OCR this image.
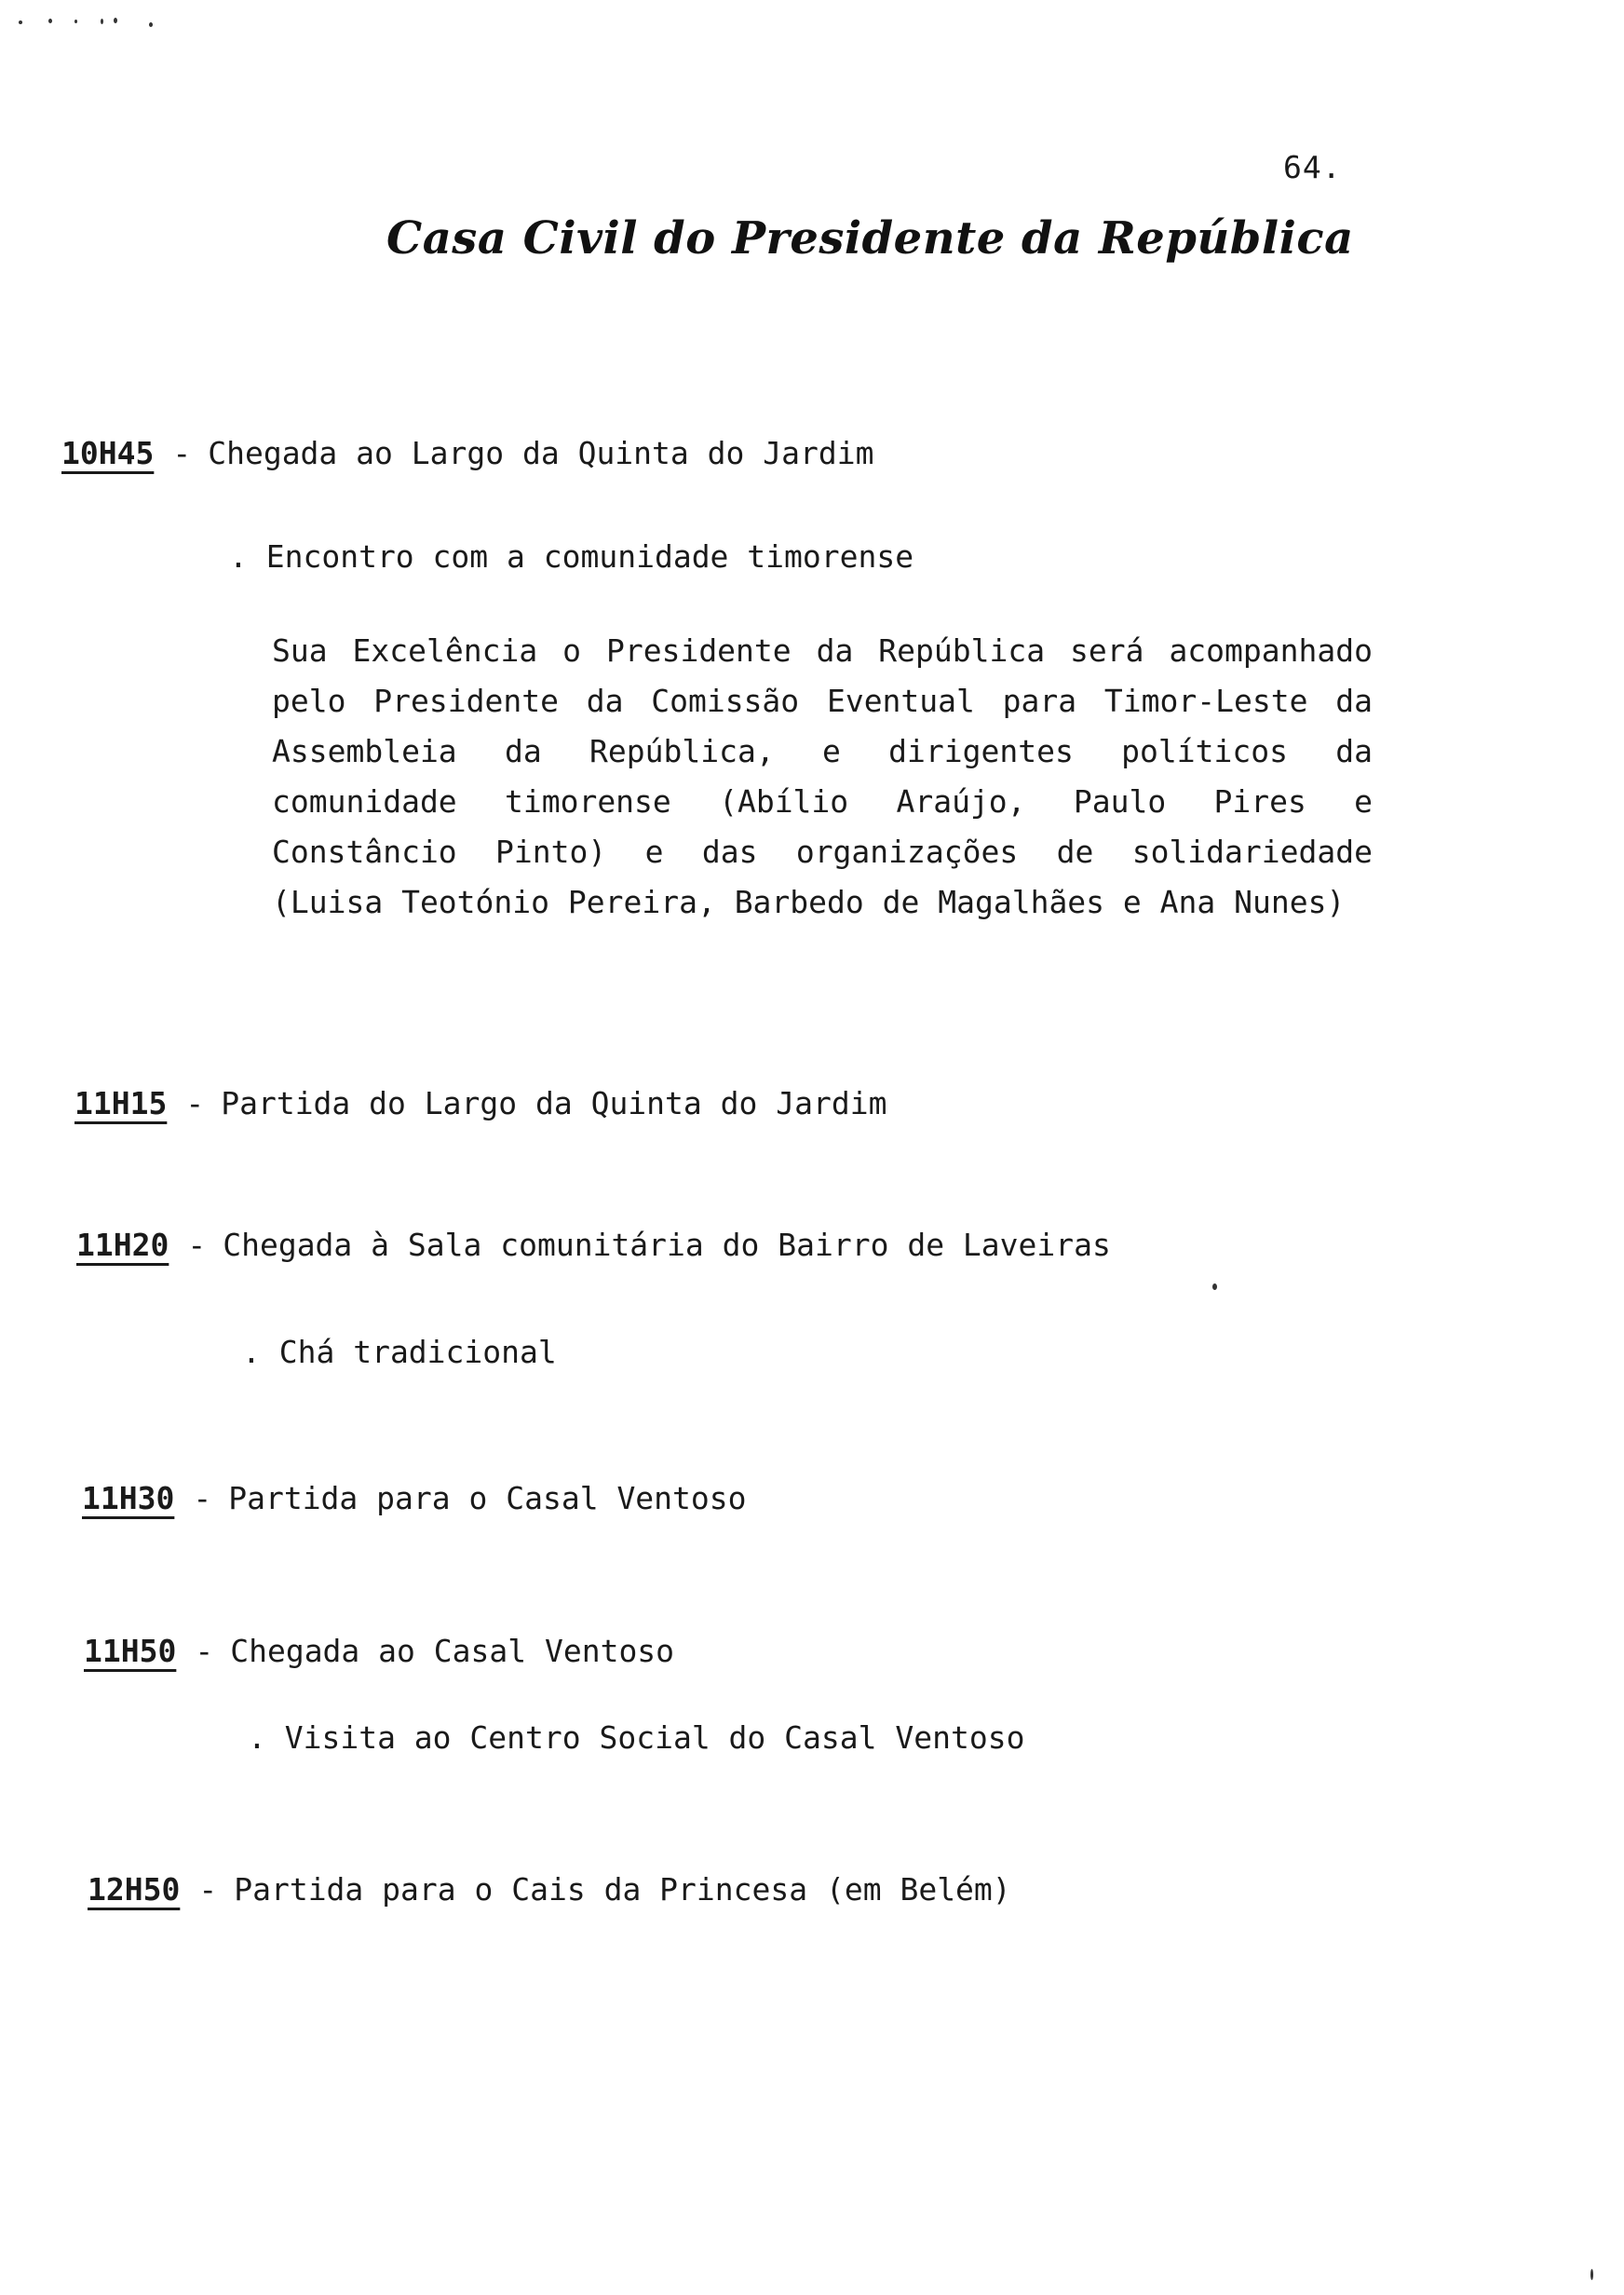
64.
Casa Civil do Presidente da República
10H45 - Chegada ao Largo da Quinta do Jardim
. Encontro com a comunidade timorense
Sua Excelência o Presidente da República será acompanhado pelo Presidente da Comissão Eventual para Timor-Leste da Assembleia da República, e dirigentes políticos da comunidade timorense (Abílio Araújo, Paulo Pires e Constâncio Pinto) e das organizações de solidariedade (Luisa Teotónio Pereira, Barbedo de Magalhães e Ana Nunes)
11H15 - Partida do Largo da Quinta do Jardim
11H20 - Chegada à Sala comunitária do Bairro de Laveiras
. Chá tradicional
11H30 - Partida para o Casal Ventoso
11H50 - Chegada ao Casal Ventoso
. Visita ao Centro Social do Casal Ventoso
12H50 - Partida para o Cais da Princesa (em Belém)
